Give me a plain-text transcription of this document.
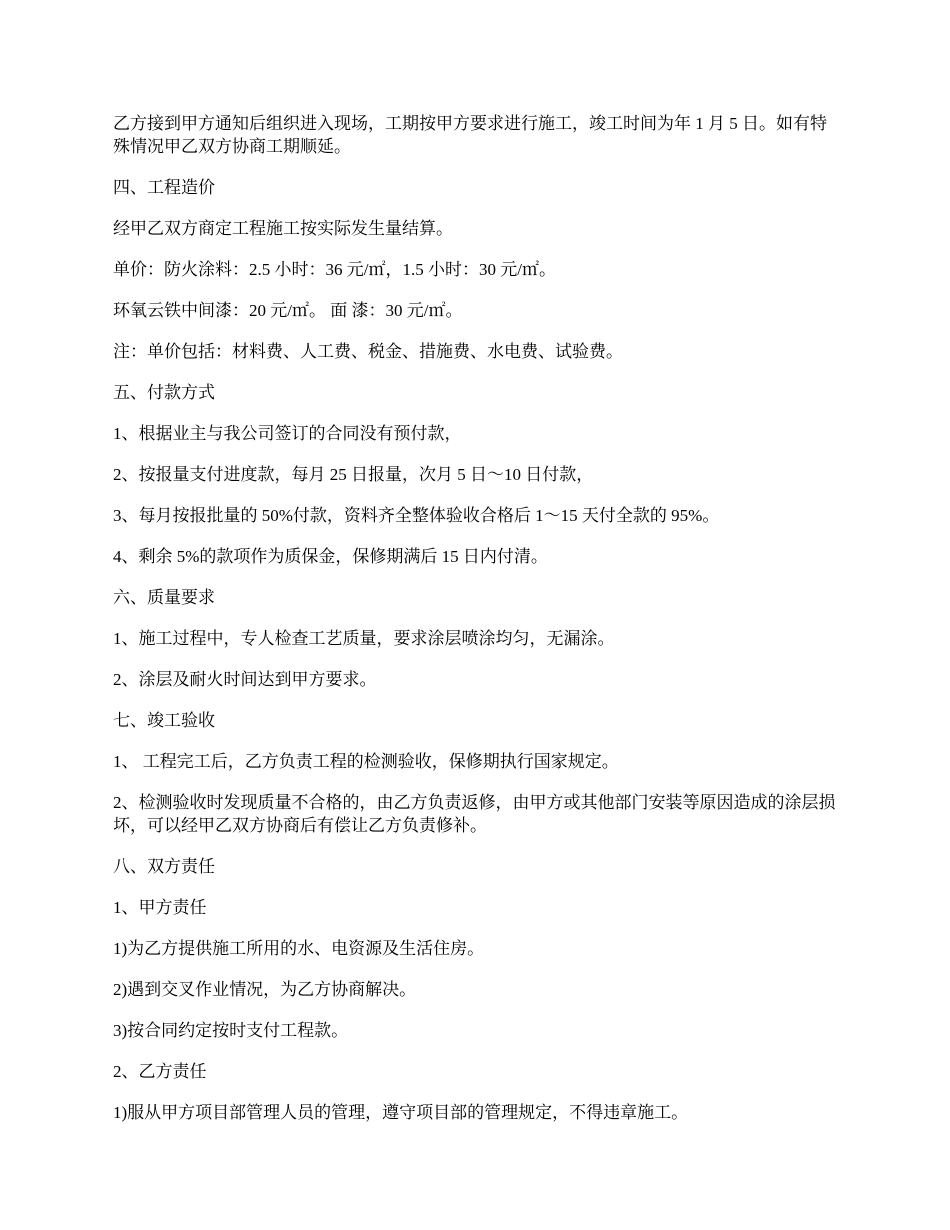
乙方接到甲方通知后组织进入现场，工期按甲方要求进行施工，竣工时间为年 1 月 5 日。如有特殊情况甲乙双方协商工期顺延。

四、工程造价

经甲乙双方商定工程施工按实际发生量结算。

单价：防火涂料：2.5 小时：36 元/㎡，1.5 小时：30 元/㎡。

环氧云铁中间漆：20 元/㎡。 面 漆：30 元/㎡。

注：单价包括：材料费、人工费、税金、措施费、水电费、试验费。

五、付款方式

1、根据业主与我公司签订的合同没有预付款，

2、按报量支付进度款，每月 25 日报量，次月 5 日～10 日付款，

3、每月按报批量的 50%付款，资料齐全整体验收合格后 1～15 天付全款的 95%。

4、剩余 5%的款项作为质保金，保修期满后 15 日内付清。

六、质量要求

1、施工过程中，专人检查工艺质量，要求涂层喷涂均匀，无漏涂。

2、涂层及耐火时间达到甲方要求。

七、竣工验收

1、 工程完工后，乙方负责工程的检测验收，保修期执行国家规定。

2、检测验收时发现质量不合格的，由乙方负责返修，由甲方或其他部门安装等原因造成的涂层损坏，可以经甲乙双方协商后有偿让乙方负责修补。

八、双方责任

1、甲方责任

1)为乙方提供施工所用的水、电资源及生活住房。

2)遇到交叉作业情况，为乙方协商解决。

3)按合同约定按时支付工程款。

2、乙方责任

1)服从甲方项目部管理人员的管理，遵守项目部的管理规定，不得违章施工。
